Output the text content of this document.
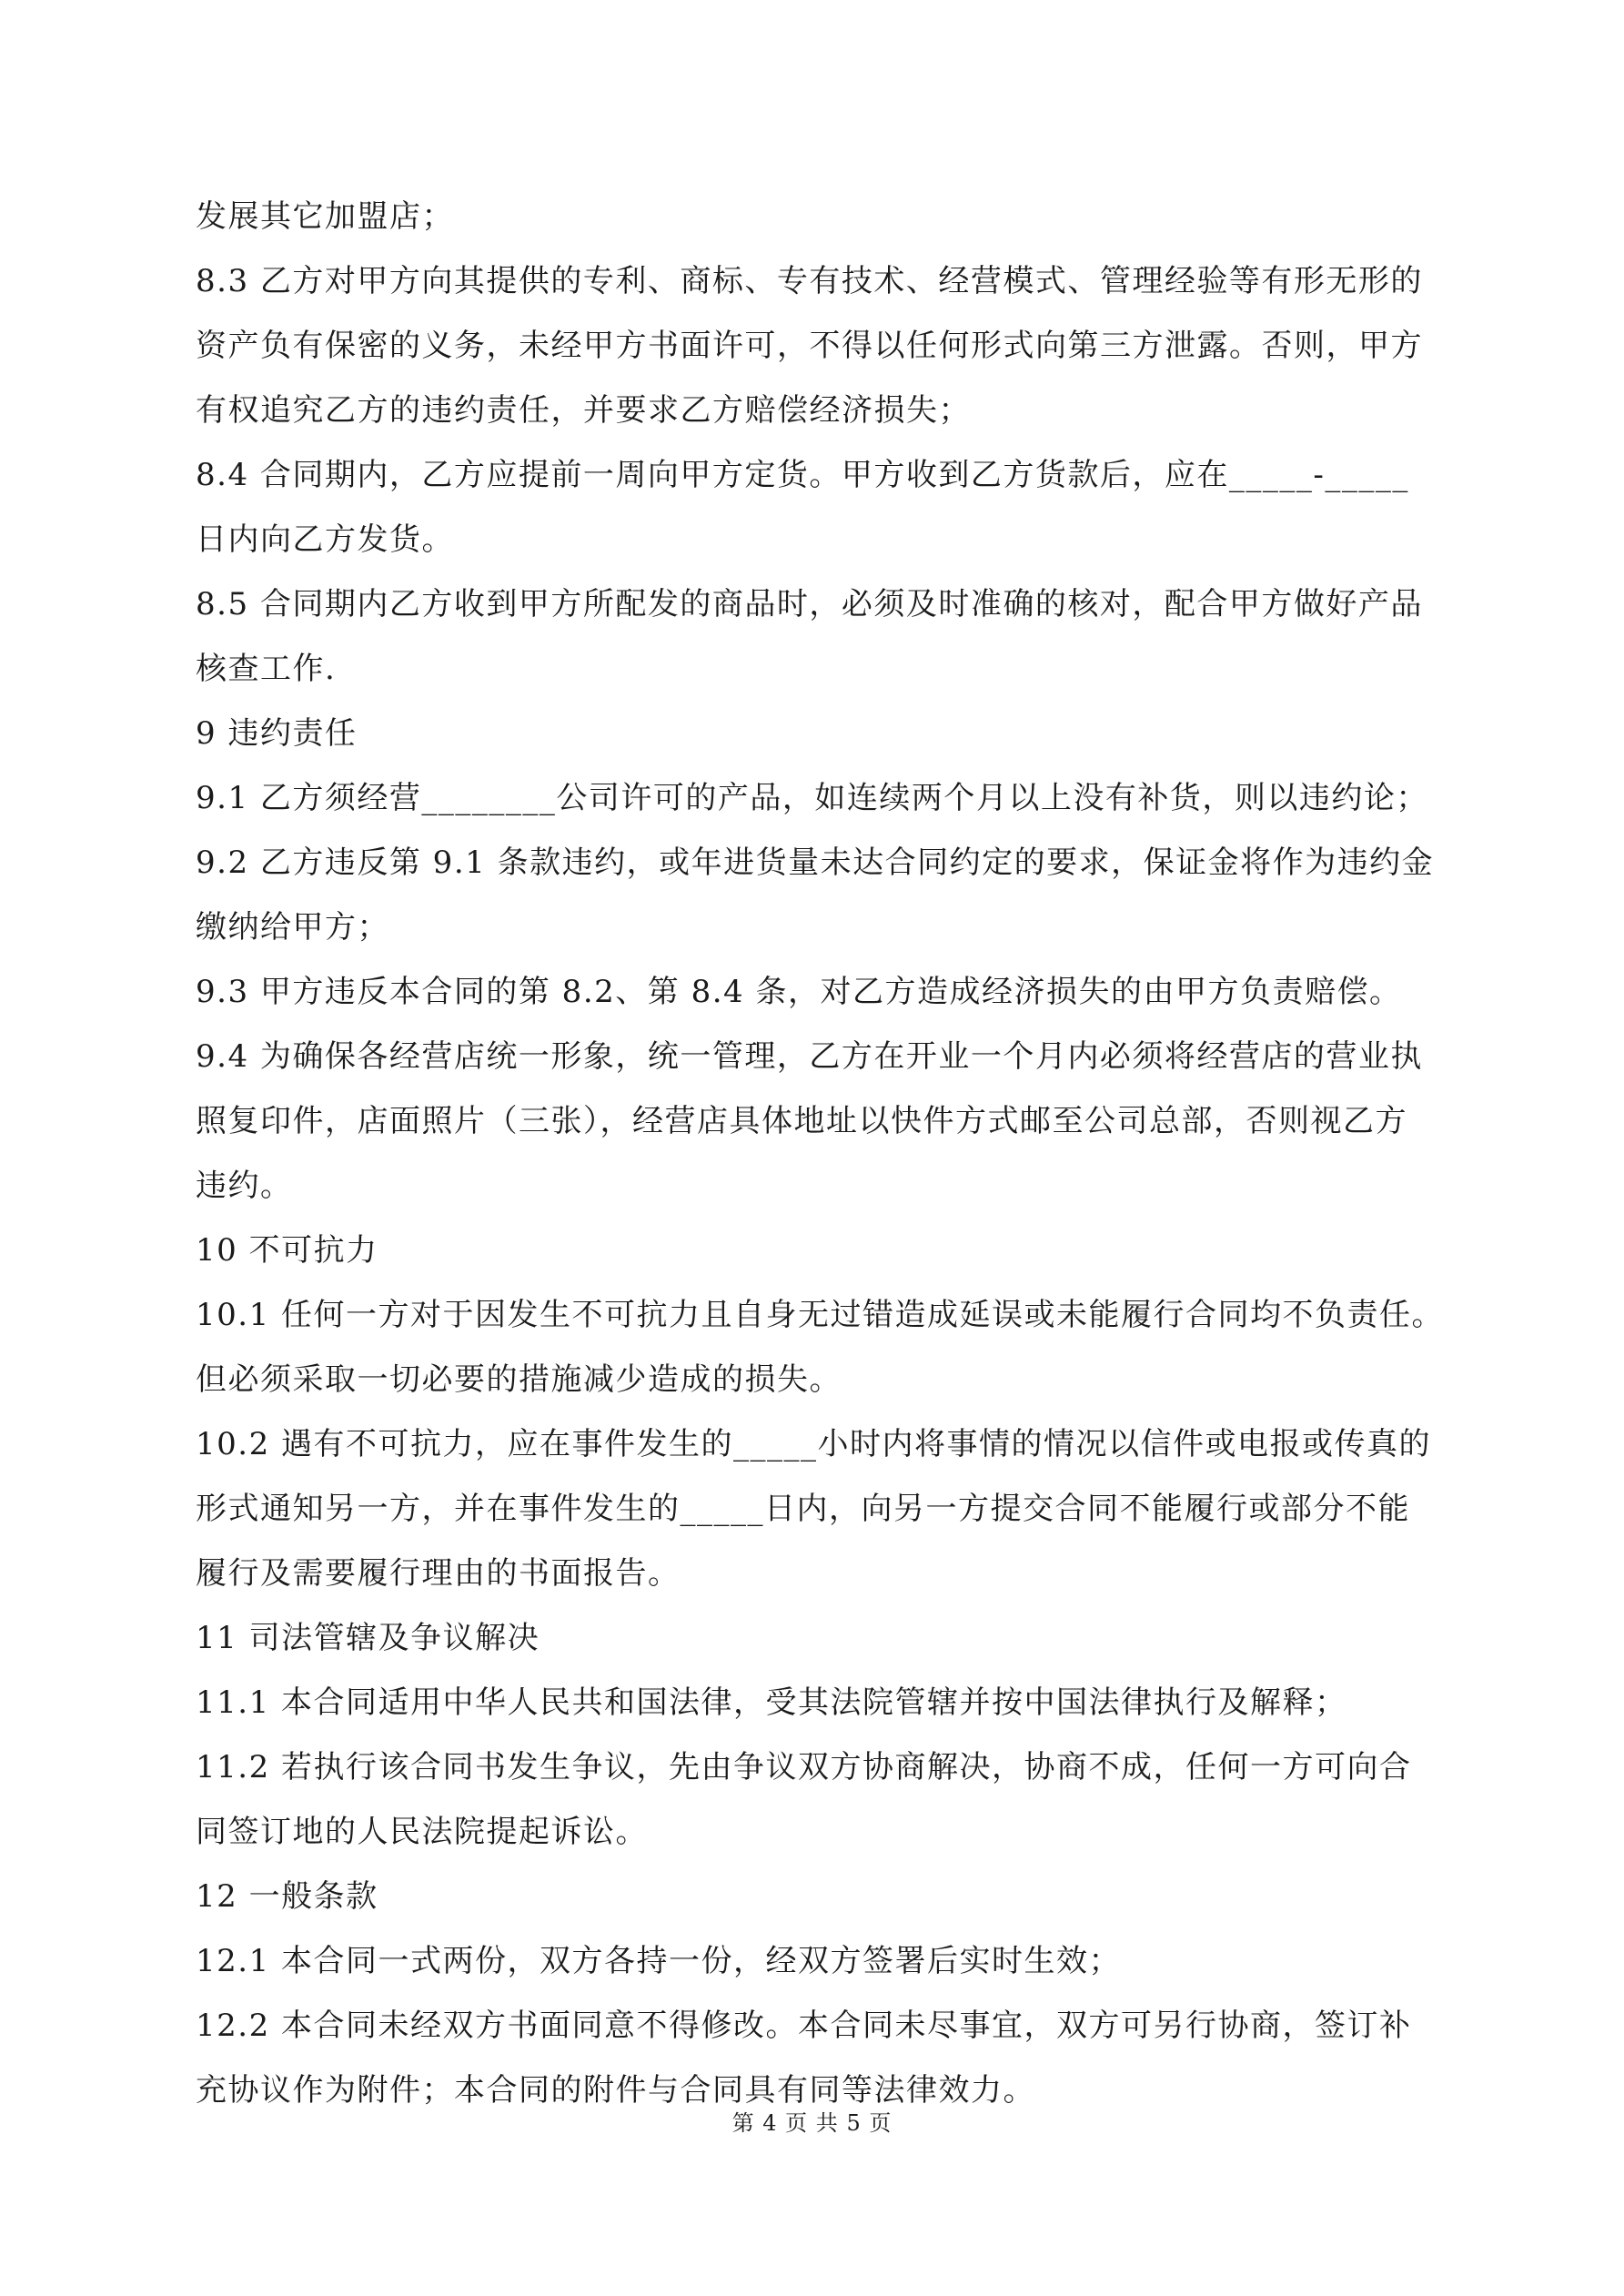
发展其它加盟店；
8.3 乙方对甲方向其提供的专利、商标、专有技术、经营模式、管理经验等有形无形的
资产负有保密的义务，未经甲方书面许可，不得以任何形式向第三方泄露。否则，甲方
有权追究乙方的违约责任，并要求乙方赔偿经济损失；
8.4 合同期内，乙方应提前一周向甲方定货。甲方收到乙方货款后，应在_____-_____
日内向乙方发货。
8.5 合同期内乙方收到甲方所配发的商品时，必须及时准确的核对，配合甲方做好产品
核查工作.
9 违约责任
9.1 乙方须经营________公司许可的产品，如连续两个月以上没有补货，则以违约论；
9.2 乙方违反第 9.1 条款违约，或年进货量未达合同约定的要求，保证金将作为违约金
缴纳给甲方；
9.3 甲方违反本合同的第 8.2、第 8.4 条，对乙方造成经济损失的由甲方负责赔偿。
9.4 为确保各经营店统一形象，统一管理，乙方在开业一个月内必须将经营店的营业执
照复印件，店面照片（三张），经营店具体地址以快件方式邮至公司总部，否则视乙方
违约。
10 不可抗力
10.1 任何一方对于因发生不可抗力且自身无过错造成延误或未能履行合同均不负责任。
但必须采取一切必要的措施减少造成的损失。
10.2 遇有不可抗力，应在事件发生的_____小时内将事情的情况以信件或电报或传真的
形式通知另一方，并在事件发生的_____日内，向另一方提交合同不能履行或部分不能
履行及需要履行理由的书面报告。
11 司法管辖及争议解决
11.1 本合同适用中华人民共和国法律，受其法院管辖并按中国法律执行及解释；
11.2 若执行该合同书发生争议，先由争议双方协商解决，协商不成，任何一方可向合
同签订地的人民法院提起诉讼。
12 一般条款
12.1 本合同一式两份，双方各持一份，经双方签署后实时生效；
12.2 本合同未经双方书面同意不得修改。本合同未尽事宜，双方可另行协商，签订补
充协议作为附件；本合同的附件与合同具有同等法律效力。
第 4 页 共 5 页
